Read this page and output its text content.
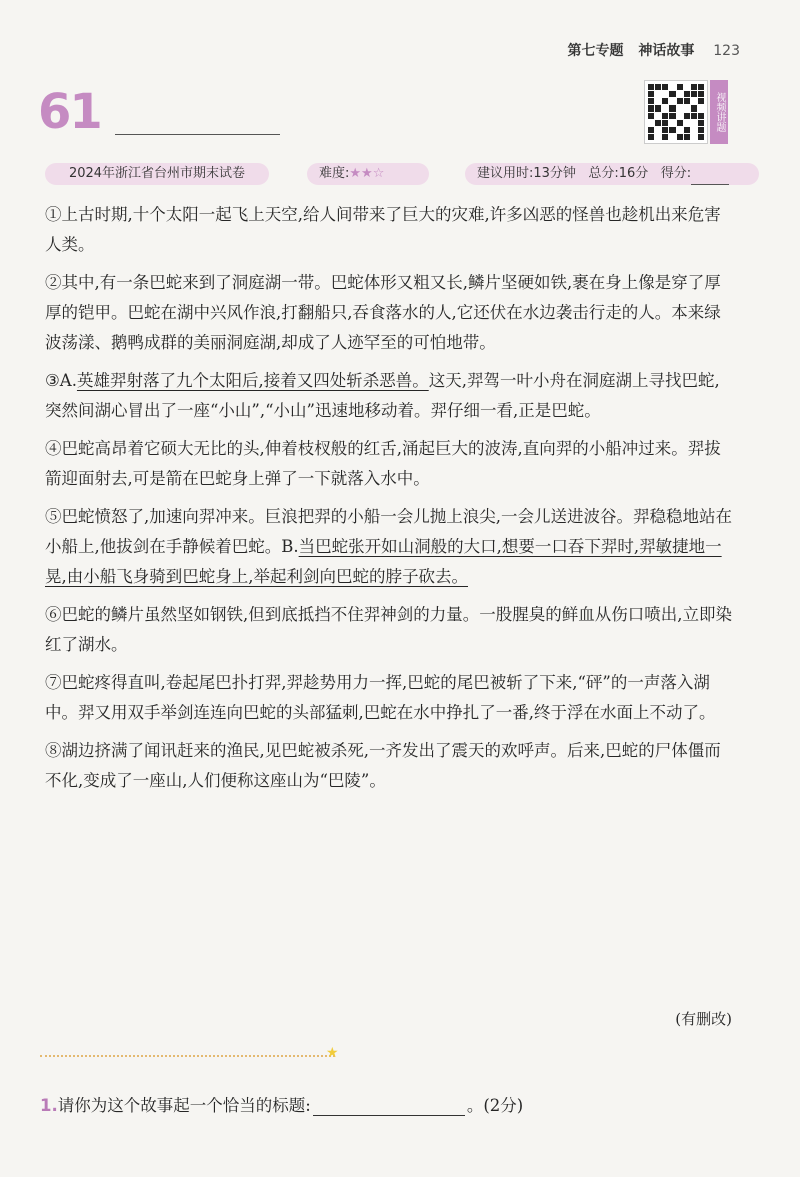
第七专题 神话故事 123
61	视频讲题
2024年浙江省台州市期末试卷	难度:★★☆	建议用时:13分钟 总分:16分 得分:

①上古时期,十个太阳一起飞上天空,给人间带来了巨大的灾难,许多凶恶的怪兽也趁机出来危害人类。

②其中,有一条巴蛇来到了洞庭湖一带。巴蛇体形又粗又长,鳞片坚硬如铁,裹在身上像是穿了厚厚的铠甲。巴蛇在湖中兴风作浪,打翻船只,吞食落水的人,它还伏在水边袭击行走的人。本来绿波荡漾、鹅鸭成群的美丽洞庭湖,却成了人迹罕至的可怕地带。

③A.英雄羿射落了九个太阳后,接着又四处斩杀恶兽。这天,羿驾一叶小舟在洞庭湖上寻找巴蛇,突然间湖心冒出了一座“小山”,“小山”迅速地移动着。羿仔细一看,正是巴蛇。

④巴蛇高昂着它硕大无比的头,伸着枝杈般的红舌,涌起巨大的波涛,直向羿的小船冲过来。羿拔箭迎面射去,可是箭在巴蛇身上弹了一下就落入水中。

⑤巴蛇愤怒了,加速向羿冲来。巨浪把羿的小船一会儿抛上浪尖,一会儿送进波谷。羿稳稳地站在小船上,他拔剑在手静候着巴蛇。B.当巴蛇张开如山洞般的大口,想要一口吞下羿时,羿敏捷地一晃,由小船飞身骑到巴蛇身上,举起利剑向巴蛇的脖子砍去。

⑥巴蛇的鳞片虽然坚如钢铁,但到底抵挡不住羿神剑的力量。一股腥臭的鲜血从伤口喷出,立即染红了湖水。

⑦巴蛇疼得直叫,卷起尾巴扑打羿,羿趁势用力一挥,巴蛇的尾巴被斩了下来,“砰”的一声落入湖中。羿又用双手举剑连连向巴蛇的头部猛刺,巴蛇在水中挣扎了一番,终于浮在水面上不动了。

⑧湖边挤满了闻讯赶来的渔民,见巴蛇被杀死,一齐发出了震天的欢呼声。后来,巴蛇的尸体僵而不化,变成了一座山,人们便称这座山为“巴陵”。

(有删改)
★
1.请你为这个故事起一个恰当的标题:	。(2分)
